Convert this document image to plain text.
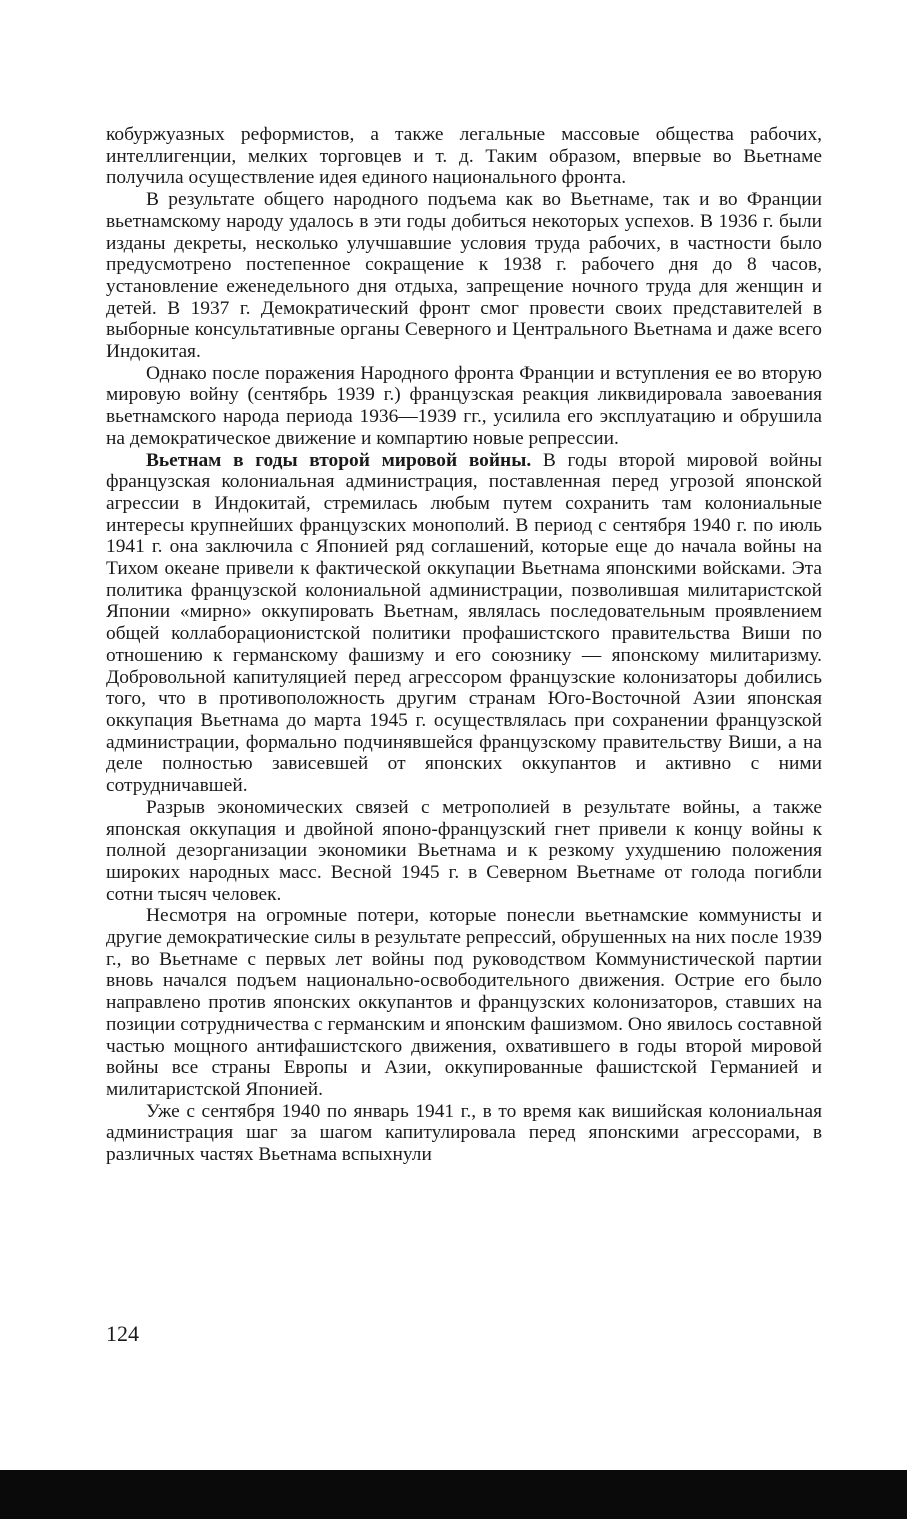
кобуржуазных реформистов, а также легальные массовые общества рабочих, интеллигенции, мелких торговцев и т. д. Таким образом, впервые во Вьетнаме получила осуществление идея единого национального фронта.

В результате общего народного подъема как во Вьетнаме, так и во Франции вьетнамскому народу удалось в эти годы добиться некоторых успехов. В 1936 г. были изданы декреты, несколько улучшавшие условия труда рабочих, в частности было предусмотрено постепенное сокращение к 1938 г. рабочего дня до 8 часов, установление еженедельного дня отдыха, запрещение ночного труда для женщин и детей. В 1937 г. Демократический фронт смог провести своих представителей в выборные консультативные органы Северного и Центрального Вьетнама и даже всего Индокитая.

Однако после поражения Народного фронта Франции и вступления ее во вторую мировую войну (сентябрь 1939 г.) французская реакция ликвидировала завоевания вьетнамского народа периода 1936—1939 гг., усилила его эксплуатацию и обрушила на демократическое движение и компартию новые репрессии.

Вьетнам в годы второй мировой войны. В годы второй мировой войны французская колониальная администрация, поставленная перед угрозой японской агрессии в Индокитай, стремилась любым путем сохранить там колониальные интересы крупнейших французских монополий. В период с сентября 1940 г. по июль 1941 г. она заключила с Японией ряд соглашений, которые еще до начала войны на Тихом океане привели к фактической оккупации Вьетнама японскими войсками. Эта политика французской колониальной администрации, позволившая милитаристской Японии «мирно» оккупировать Вьетнам, являлась последовательным проявлением общей коллаборационистской политики профашистского правительства Виши по отношению к германскому фашизму и его союзнику — японскому милитаризму. Добровольной капитуляцией перед агрессором французские колонизаторы добились того, что в противоположность другим странам Юго-Восточной Азии японская оккупация Вьетнама до марта 1945 г. осуществлялась при сохранении французской администрации, формально подчинявшейся французскому правительству Виши, а на деле полностью зависевшей от японских оккупантов и активно с ними сотрудничавшей.

Разрыв экономических связей с метрополией в результате войны, а также японская оккупация и двойной японо-французский гнет привели к концу войны к полной дезорганизации экономики Вьетнама и к резкому ухудшению положения широких народных масс. Весной 1945 г. в Северном Вьетнаме от голода погибли сотни тысяч человек.

Несмотря на огромные потери, которые понесли вьетнамские коммунисты и другие демократические силы в результате репрессий, обрушенных на них после 1939 г., во Вьетнаме с первых лет войны под руководством Коммунистической партии вновь начался подъем национально-освободительного движения. Острие его было направлено против японских оккупантов и французских колонизаторов, ставших на позиции сотрудничества с германским и японским фашизмом. Оно явилось составной частью мощного антифашистского движения, охватившего в годы второй мировой войны все страны Европы и Азии, оккупированные фашистской Германией и милитаристской Японией.

Уже с сентября 1940 по январь 1941 г., в то время как вишийская колониальная администрация шаг за шагом капитулировала перед японскими агрессорами, в различных частях Вьетнама вспыхнули

124
